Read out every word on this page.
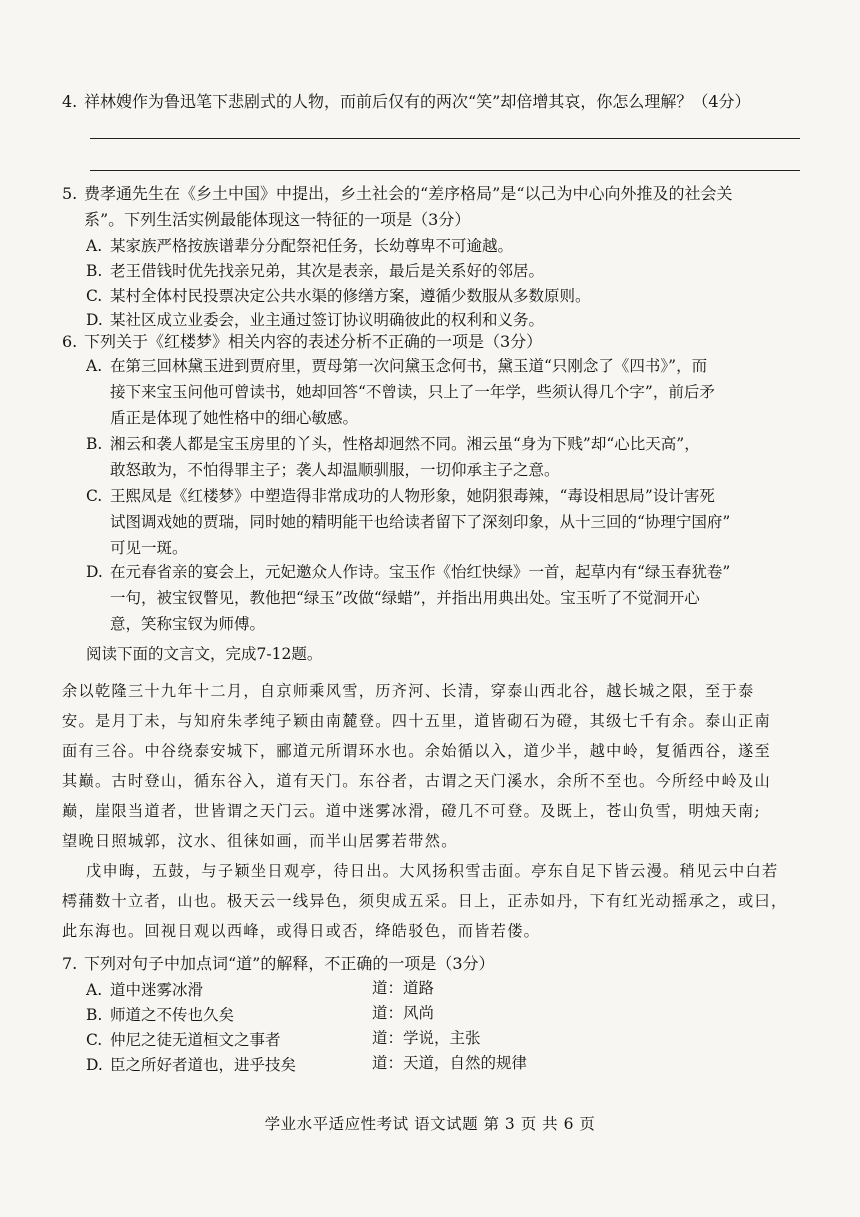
4. 祥林嫂作为鲁迅笔下悲剧式的人物，而前后仅有的两次“笑”却倍增其哀，你怎么理解？（4分）
5. 费孝通先生在《乡土中国》中提出，乡土社会的“差序格局”是“以己为中心向外推及的社会关
系”。下列生活实例最能体现这一特征的一项是（3分）
A. 某家族严格按族谱辈分分配祭祀任务，长幼尊卑不可逾越。
B. 老王借钱时优先找亲兄弟，其次是表亲，最后是关系好的邻居。
C. 某村全体村民投票决定公共水渠的修缮方案，遵循少数服从多数原则。
D. 某社区成立业委会，业主通过签订协议明确彼此的权利和义务。
6. 下列关于《红楼梦》相关内容的表述分析不正确的一项是（3分）
A. 在第三回林黛玉进到贾府里，贾母第一次问黛玉念何书，黛玉道“只刚念了《四书》”，而
接下来宝玉问他可曾读书，她却回答“不曾读，只上了一年学，些须认得几个字”，前后矛
盾正是体现了她性格中的细心敏感。
B. 湘云和袭人都是宝玉房里的丫头，性格却迥然不同。湘云虽“身为下贱”却“心比天高”，
敢怒敢为，不怕得罪主子；袭人却温顺驯服，一切仰承主子之意。
C. 王熙凤是《红楼梦》中塑造得非常成功的人物形象，她阴狠毒辣，“毒设相思局”设计害死
试图调戏她的贾瑞，同时她的精明能干也给读者留下了深刻印象，从十三回的“协理宁国府”
可见一斑。
D. 在元春省亲的宴会上，元妃邀众人作诗。宝玉作《怡红快绿》一首，起草内有“绿玉春犹卷”
一句，被宝钗瞥见，教他把“绿玉”改做“绿蜡”，并指出用典出处。宝玉听了不觉洞开心
意，笑称宝钗为师傅。
阅读下面的文言文，完成7-12题。
余以乾隆三十九年十二月，自京师乘风雪，历齐河、长清，穿泰山西北谷，越长城之限，至于泰
安。是月丁未，与知府朱孝纯子颖由南麓登。四十五里，道皆砌石为磴，其级七千有余。泰山正南
面有三谷。中谷绕泰安城下，郦道元所谓环水也。余始循以入，道少半，越中岭，复循西谷，遂至
其巅。古时登山，循东谷入，道有天门。东谷者，古谓之天门溪水，余所不至也。今所经中岭及山
巅，崖限当道者，世皆谓之天门云。道中迷雾冰滑，磴几不可登。及既上，苍山负雪，明烛天南;
望晚日照城郭，汶水、徂徕如画，而半山居雾若带然。
戊申晦，五鼓，与子颖坐日观亭，待日出。大风扬积雪击面。亭东自足下皆云漫。稍见云中白若
樗蒱数十立者，山也。极天云一线异色，须臾成五采。日上，正赤如丹，下有红光动摇承之，或曰，
此东海也。回视日观以西峰，或得日或否，绛皓驳色，而皆若偻。
7. 下列对句子中加点词“道”的解释，不正确的一项是（3分）
A. 道中迷雾冰滑	道：道路
B. 师道之不传也久矣	道：风尚
C. 仲尼之徒无道桓文之事者	道：学说，主张
D. 臣之所好者道也，进乎技矣	道：天道，自然的规律
学业水平适应性考试 语文试题 第 3 页 共 6 页
